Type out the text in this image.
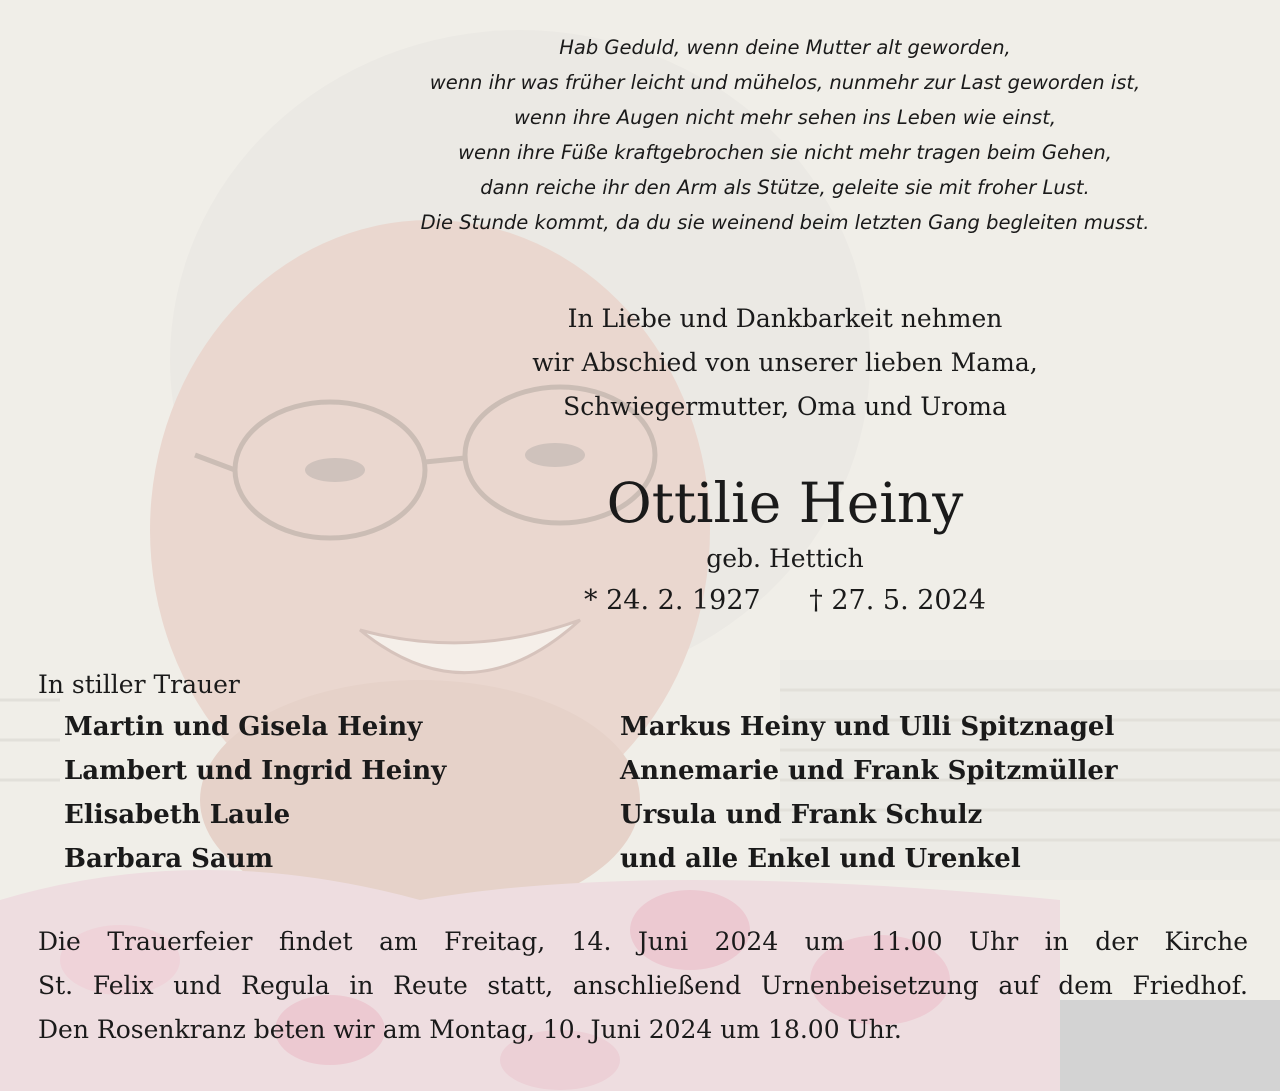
Hab Geduld, wenn deine Mutter alt geworden,
wenn ihr was früher leicht und mühelos, nunmehr zur Last geworden ist,
wenn ihre Augen nicht mehr sehen ins Leben wie einst,
wenn ihre Füße kraftgebrochen sie nicht mehr tragen beim Gehen,
dann reiche ihr den Arm als Stütze, geleite sie mit froher Lust.
Die Stunde kommt, da du sie weinend beim letzten Gang begleiten musst.
In Liebe und Dankbarkeit nehmen
wir Abschied von unserer lieben Mama,
Schwiegermutter, Oma und Uroma
Ottilie Heiny
geb. Hettich
* 24. 2. 1927 † 27. 5. 2024
In stiller Trauer
Martin und Gisela Heiny
Lambert und Ingrid Heiny
Elisabeth Laule
Barbara Saum
Markus Heiny und Ulli Spitznagel
Annemarie und Frank Spitzmüller
Ursula und Frank Schulz
und alle Enkel und Urenkel
Die Trauerfeier findet am Freitag, 14. Juni 2024 um 11.00 Uhr in der Kirche
St. Felix und Regula in Reute statt, anschließend Urnenbeisetzung auf dem Friedhof.
Den Rosenkranz beten wir am Montag, 10. Juni 2024 um 18.00 Uhr.
